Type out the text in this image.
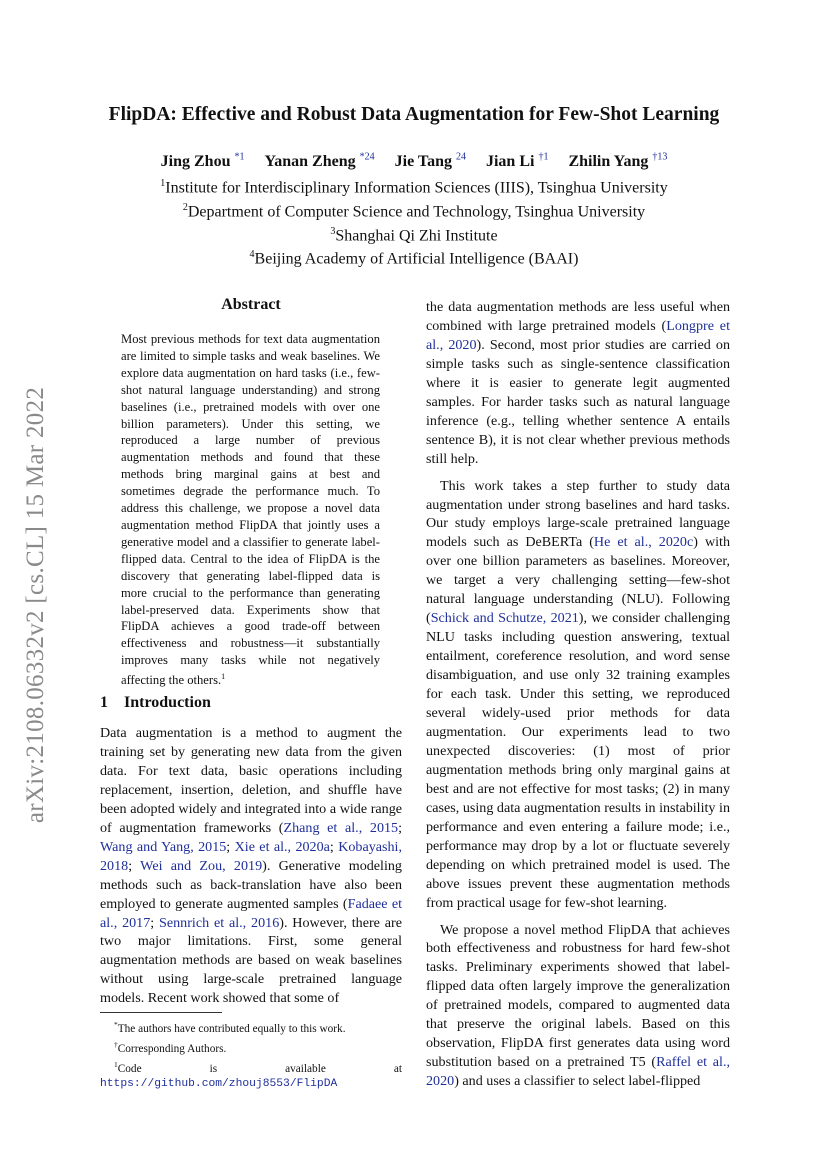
arXiv:2108.06332v2 [cs.CL] 15 Mar 2022
FlipDA: Effective and Robust Data Augmentation for Few-Shot Learning
Jing Zhou $^{*1}$ Yanan Zheng $^{*24}$ Jie Tang $^{24}$ Jian Li $^{\dagger 1}$ Zhilin Yang $^{\dagger 13}$
$^1$Institute for Interdisciplinary Information Sciences (IIIS), Tsinghua University
$^2$Department of Computer Science and Technology, Tsinghua University
$^3$Shanghai Qi Zhi Institute
$^4$Beijing Academy of Artificial Intelligence (BAAI)
Abstract

Most previous methods for text data augmentation are limited to simple tasks and weak baselines. We explore data augmentation on hard tasks (i.e., few-shot natural language understanding) and strong baselines (i.e., pretrained models with over one billion parameters). Under this setting, we reproduced a large number of previous augmentation methods and found that these methods bring marginal gains at best and sometimes degrade the performance much. To address this challenge, we propose a novel data augmentation method FlipDA that jointly uses a generative model and a classifier to generate label-flipped data. Central to the idea of FlipDA is the discovery that generating label-flipped data is more crucial to the performance than generating label-preserved data. Experiments show that FlipDA achieves a good trade-off between effectiveness and robustness—it substantially improves many tasks while not negatively affecting the others.$^1$

1 Introduction

Data augmentation is a method to augment the training set by generating new data from the given data. For text data, basic operations including replacement, insertion, deletion, and shuffle have been adopted widely and integrated into a wide range of augmentation frameworks (Zhang et al., 2015; Wang and Yang, 2015; Xie et al., 2020a; Kobayashi, 2018; Wei and Zou, 2019). Generative modeling methods such as back-translation have also been employed to generate augmented samples (Fadaee et al., 2017; Sennrich et al., 2016). However, there are two major limitations. First, some general augmentation methods are based on weak baselines without using large-scale pretrained language models. Recent work showed that some of

the data augmentation methods are less useful when combined with large pretrained models (Longpre et al., 2020). Second, most prior studies are carried on simple tasks such as single-sentence classification where it is easier to generate legit augmented samples. For harder tasks such as natural language inference (e.g., telling whether sentence A entails sentence B), it is not clear whether previous methods still help.

This work takes a step further to study data augmentation under strong baselines and hard tasks. Our study employs large-scale pretrained language models such as DeBERTa (He et al., 2020c) with over one billion parameters as baselines. Moreover, we target a very challenging setting—few-shot natural language understanding (NLU). Following (Schick and Schutze, 2021), we consider challenging NLU tasks including question answering, textual entailment, coreference resolution, and word sense disambiguation, and use only 32 training examples for each task. Under this setting, we reproduced several widely-used prior methods for data augmentation. Our experiments lead to two unexpected discoveries: (1) most of prior augmentation methods bring only marginal gains at best and are not effective for most tasks; (2) in many cases, using data augmentation results in instability in performance and even entering a failure mode; i.e., performance may drop by a lot or fluctuate severely depending on which pretrained model is used. The above issues prevent these augmentation methods from practical usage for few-shot learning.

We propose a novel method FlipDA that achieves both effectiveness and robustness for hard few-shot tasks. Preliminary experiments showed that label-flipped data often largely improve the generalization of pretrained models, compared to augmented data that preserve the original labels. Based on this observation, FlipDA first generates data using word substitution based on a pretrained T5 (Raffel et al., 2020) and uses a classifier to select label-flipped

*The authors have contributed equally to this work.

†Corresponding Authors.

$^1$Code is available at https://github.com/zhouj8553/FlipDA
